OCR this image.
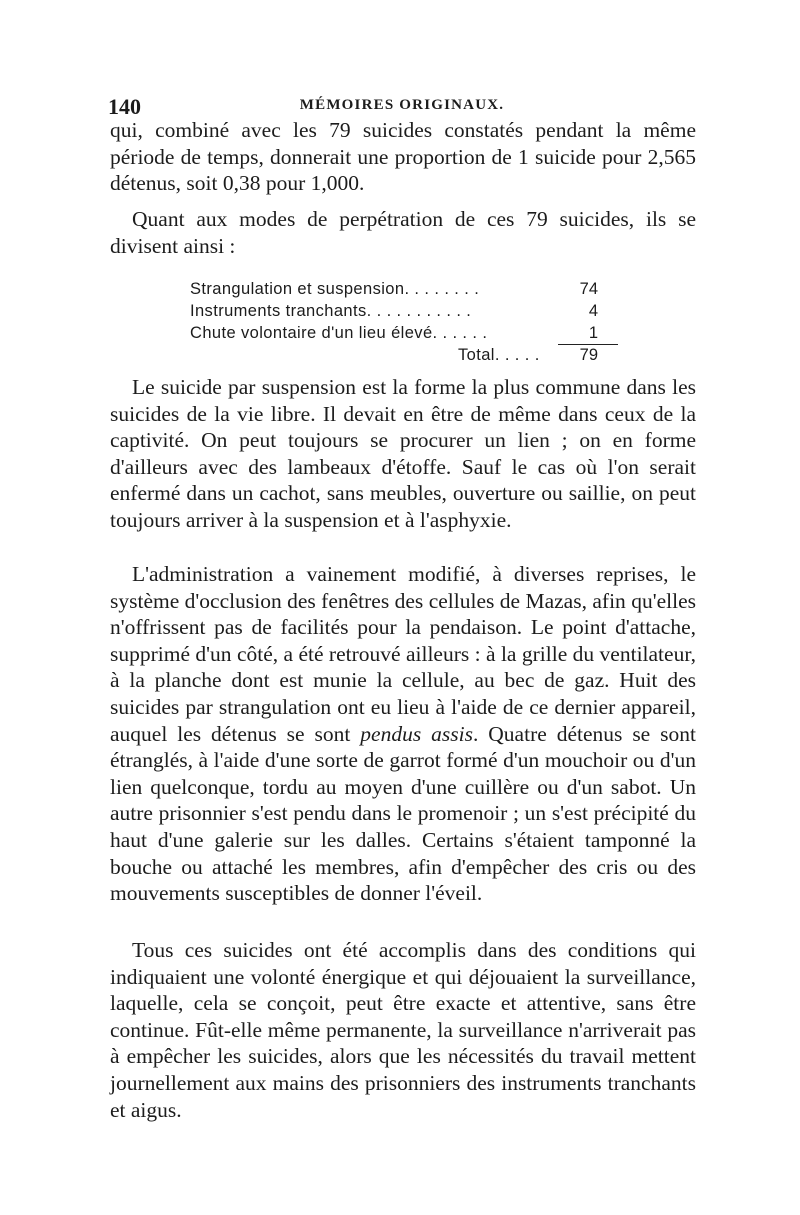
140	MÉMOIRES ORIGINAUX.

qui, combiné avec les 79 suicides constatés pendant la même période de temps, donnerait une proportion de 1 suicide pour 2,565 détenus, soit 0,38 pour 1,000.

Quant aux modes de perpétration de ces 79 suicides, ils se divisent ainsi :

Strangulation et suspension. . . . . . . .	74
Instruments tranchants. . . . . . . . . . .	4
Chute volontaire d'un lieu élevé. . . . . .	1
Total. . . . .	79

Le suicide par suspension est la forme la plus commune dans les suicides de la vie libre. Il devait en être de même dans ceux de la captivité. On peut toujours se procurer un lien ; on en forme d'ailleurs avec des lambeaux d'étoffe. Sauf le cas où l'on serait enfermé dans un cachot, sans meubles, ouverture ou saillie, on peut toujours arriver à la suspension et à l'asphyxie.

L'administration a vainement modifié, à diverses reprises, le système d'occlusion des fenêtres des cellules de Mazas, afin qu'elles n'offrissent pas de facilités pour la pendaison. Le point d'attache, supprimé d'un côté, a été retrouvé ailleurs : à la grille du ventilateur, à la planche dont est munie la cellule, au bec de gaz. Huit des suicides par strangulation ont eu lieu à l'aide de ce dernier appareil, auquel les détenus se sont pendus assis. Quatre détenus se sont étranglés, à l'aide d'une sorte de garrot formé d'un mouchoir ou d'un lien quelconque, tordu au moyen d'une cuillère ou d'un sabot. Un autre prisonnier s'est pendu dans le promenoir ; un s'est précipité du haut d'une galerie sur les dalles. Certains s'étaient tamponné la bouche ou attaché les membres, afin d'empêcher des cris ou des mouvements susceptibles de donner l'éveil.

Tous ces suicides ont été accomplis dans des conditions qui indiquaient une volonté énergique et qui déjouaient la surveillance, laquelle, cela se conçoit, peut être exacte et attentive, sans être continue. Fût-elle même permanente, la surveillance n'arriverait pas à empêcher les suicides, alors que les nécessités du travail mettent journellement aux mains des prisonniers des instruments tranchants et aigus.
